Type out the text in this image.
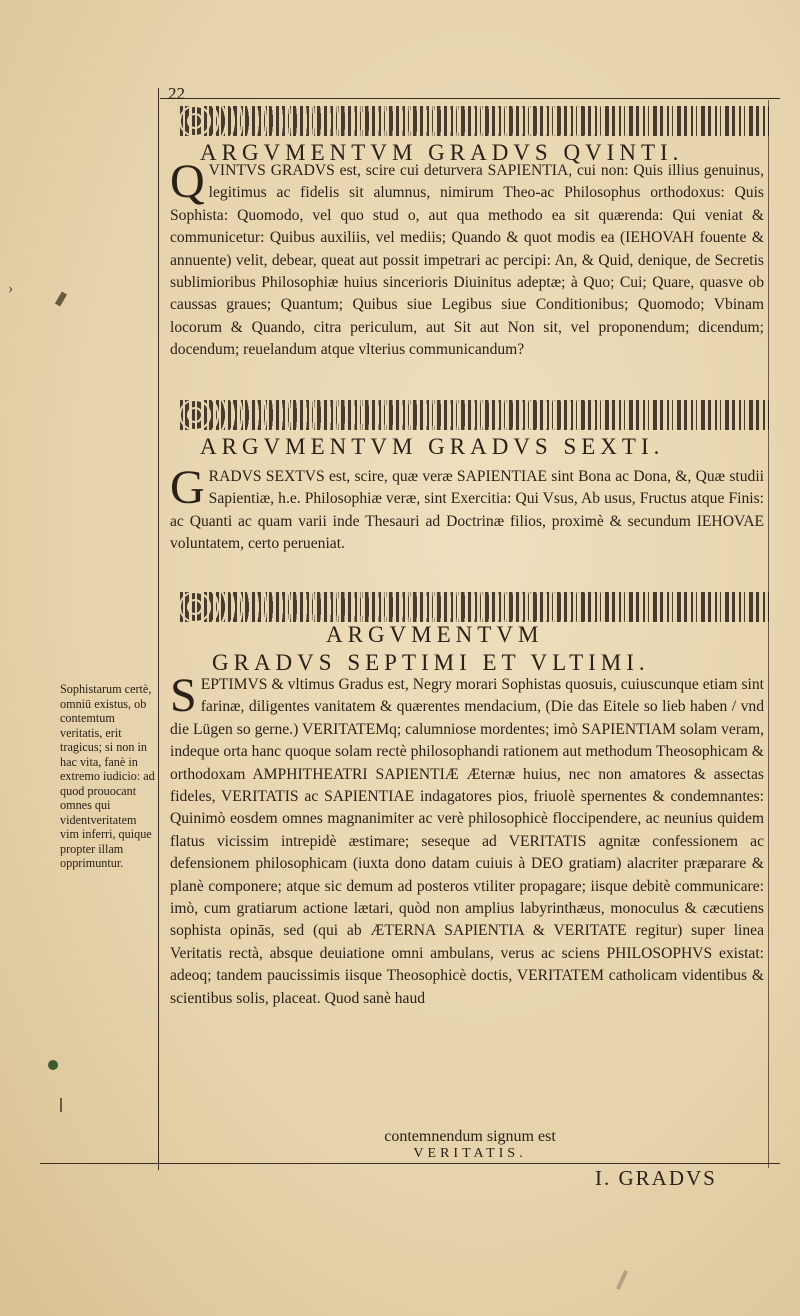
22
ARGVMENTVM GRADVS QVINTI.

QVINTVS GRADVS est, scire cui deturvera SAPIENTIA, cui non: Quis illius genuinus, legitimus ac fidelis sit alumnus, nimirum Theo-ac Philosophus orthodoxus: Quis Sophista: Quomodo, vel quo stud o, aut qua methodo ea sit quærenda: Qui veniat & communicetur: Quibus auxiliis, vel mediis; Quando & quot modis ea (IEHOVAH fouente & annuente) velit, debear, queat aut possit impetrari ac percipi: An, & Quid, denique, de Secretis sublimioribus Philosophiæ huius sincerioris Diuinitus adeptæ; à Quo; Cui; Quare, quasve ob caussas graues; Quantum; Quibus siue Legibus siue Conditionibus; Quomodo; Vbinam locorum & Quando, citra periculum, aut Sit aut Non sit, vel proponendum; dicendum; docendum; reuelandum atque vlterius communicandum?

ARGVMENTVM GRADVS SEXTI.

GRADVS SEXTVS est, scire, quæ veræ SAPIENTIAE sint Bona ac Dona, &, Quæ studii Sapientiæ, h.e. Philosophiæ veræ, sint Exercitia: Qui Vsus, Ab usus, Fructus atque Finis: ac Quanti ac quam varii inde Thesauri ad Doctrinæ filios, proximè & secundum IEHOVAE voluntatem, certo perueniat.

ARGVMENTVM
GRADVS SEPTIMI ET VLTIMI.

SEPTIMVS & vltimus Gradus est, Negry morari Sophistas quosuis, cuiuscunque etiam sint farinæ, diligentes vanitatem & quærentes mendacium, (Die das Eitele so lieb haben / vnd die Lügen so gerne.) VERITATEMq; calumniose mordentes; imò SAPIENTIAM solam veram, indeque orta hanc quoque solam rectè philosophandi rationem aut methodum Theosophicam & orthodoxam AMPHITHEATRI SAPIENTIÆ Æternæ huius, nec non amatores & assectas fideles, VERITATIS ac SAPIENTIAE indagatores pios, friuolè spernentes & condemnantes: Quinimò eosdem omnes magnanimiter ac verè philosophicè floccipendere, ac neunius quidem flatus vicissim intrepidè æstimare; seseque ad VERITATIS agnitæ confessionem ac defensionem philosophicam (iuxta dono datam cuiuis à DEO gratiam) alacriter præparare & planè componere; atque sic demum ad posteros vtiliter propagare; iisque debitè communicare: imò, cum gratiarum actione lætari, quòd non amplius labyrinthæus, monoculus & cæcutiens sophista opinās, sed (qui ab ÆTERNA SAPIENTIA & VERITATE regitur) super linea Veritatis rectà, absque deuiatione omni ambulans, verus ac sciens PHILOSOPHVS existat: adeoq; tandem paucissimis iisque Theosophicè doctis, VERITATEM catholicam videntibus & scientibus solis, placeat. Quod sanè haud

contemnendum signum est
VERITATIS.
I. GRADVS
Sophistarum certè, omniū existus, ob contemtum veritatis, erit tragicus; si non in hac vita, fanè in extremo iudicio: ad quod prouocant omnes qui videntveritatem vim inferri, quique propter illam opprimuntur.
›
